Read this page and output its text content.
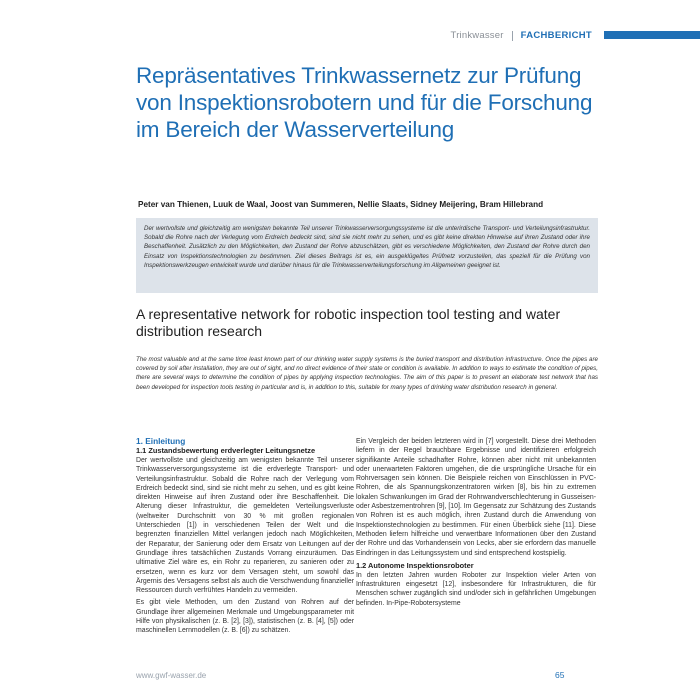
Trinkwasser FACHBERICHT
Repräsentatives Trinkwassernetz zur Prüfung von Inspektionsrobotern und für die Forschung im Bereich der Wasserverteilung
Peter van Thienen, Luuk de Waal, Joost van Summeren, Nellie Slaats, Sidney Meijering, Bram Hillebrand

Der wertvollste und gleichzeitig am wenigsten bekannte Teil unserer Trinkwasserversorgungssysteme ist die unterirdische Transport- und Verteilungsinfrastruktur. Sobald die Rohre nach der Verlegung vom Erdreich bedeckt sind, sind sie nicht mehr zu sehen, und es gibt keine direkten Hinweise auf ihren Zustand oder ihre Beschaffenheit. Zusätzlich zu den Möglichkeiten, den Zustand der Rohre abzuschätzen, gibt es verschiedene Möglichkeiten, den Zustand der Rohre durch den Einsatz von Inspektionstechnologien zu bestimmen. Ziel dieses Beitrags ist es, ein ausgeklügeltes Prüfnetz vorzustellen, das speziell für die Prüfung von Inspektionswerkzeugen entwickelt wurde und darüber hinaus für die Trinkwasserverteilungsforschung im Allgemeinen geeignet ist.

A representative network for robotic inspection tool testing and water distribution research

The most valuable and at the same time least known part of our drinking water supply systems is the buried transport and distribution infrastructure. Once the pipes are covered by soil after installation, they are out of sight, and no direct evidence of their state or condition is available. In addition to ways to estimate the condition of pipes, there are several ways to determine the condition of pipes by applying inspection technologies. The aim of this paper is to present an elaborate test network that has been developed for inspection tools testing in particular and is, in addition to this, suitable for many types of drinking water distribution research in general.

1. Einleitung
1.1 Zustandsbewertung erdverlegter Leitungsnetze

Der wertvollste und gleichzeitig am wenigsten bekannte Teil unserer Trinkwasserversorgungssysteme ist die erdverlegte Transport- und Verteilungsinfrastruktur. Sobald die Rohre nach der Verlegung vom Erdreich bedeckt sind, sind sie nicht mehr zu sehen, und es gibt keine direkten Hinweise auf ihren Zustand oder ihre Beschaffenheit. Die Alterung dieser Infrastruktur, die gemeldeten Verteilungsverluste (weltweiter Durchschnitt von 30 % mit großen regionalen Unterschieden [1]) in verschiedenen Teilen der Welt und die begrenzten finanziellen Mittel verlangen jedoch nach Möglichkeiten, der Reparatur, der Sanierung oder dem Ersatz von Leitungen auf der Grundlage ihres tatsächlichen Zustands Vorrang einzuräumen. Das ultimative Ziel wäre es, ein Rohr zu reparieren, zu sanieren oder zu ersetzen, wenn es kurz vor dem Versagen steht, um sowohl das Ärgernis des Versagens selbst als auch die Verschwendung finanzieller Ressourcen durch verfrühtes Handeln zu vermeiden.

Es gibt viele Methoden, um den Zustand von Rohren auf der Grundlage ihrer allgemeinen Merkmale und Umgebungsparameter mit Hilfe von physikalischen (z. B. [2], [3]), statistischen (z. B. [4], [5]) oder maschinellen Lernmodellen (z. B. [6]) zu schätzen.

Ein Vergleich der beiden letzteren wird in [7] vorgestellt. Diese drei Methoden liefern in der Regel brauchbare Ergebnisse und identifizieren erfolgreich signifikante Anteile schadhafter Rohre, können aber nicht mit unbekannten oder unerwarteten Faktoren umgehen, die die ursprüngliche Ursache für ein Rohrversagen sein können. Die Beispiele reichen von Einschlüssen in PVC-Rohren, die als Spannungskonzentratoren wirken [8], bis hin zu extremen lokalen Schwankungen im Grad der Rohrwandverschlechterung in Gusseisen- oder Asbestzementrohren [9], [10]. Im Gegensatz zur Schätzung des Zustands von Rohren ist es auch möglich, ihren Zustand durch die Anwendung von Inspektionstechnologien zu bestimmen. Für einen Überblick siehe [11]. Diese Methoden liefern hilfreiche und verwertbare Informationen über den Zustand der Rohre und das Vorhandensein von Lecks, aber sie erfordern das manuelle Eindringen in das Leitungssystem und sind entsprechend kostspielig.

1.2 Autonome Inspektionsroboter

In den letzten Jahren wurden Roboter zur Inspektion vieler Arten von Infrastrukturen eingesetzt [12], insbesondere für Infrastrukturen, die für Menschen schwer zugänglich sind und/oder sich in gefährlichen Umgebungen befinden. In-Pipe-Robotersysteme

www.gwf-wasser.de	65
